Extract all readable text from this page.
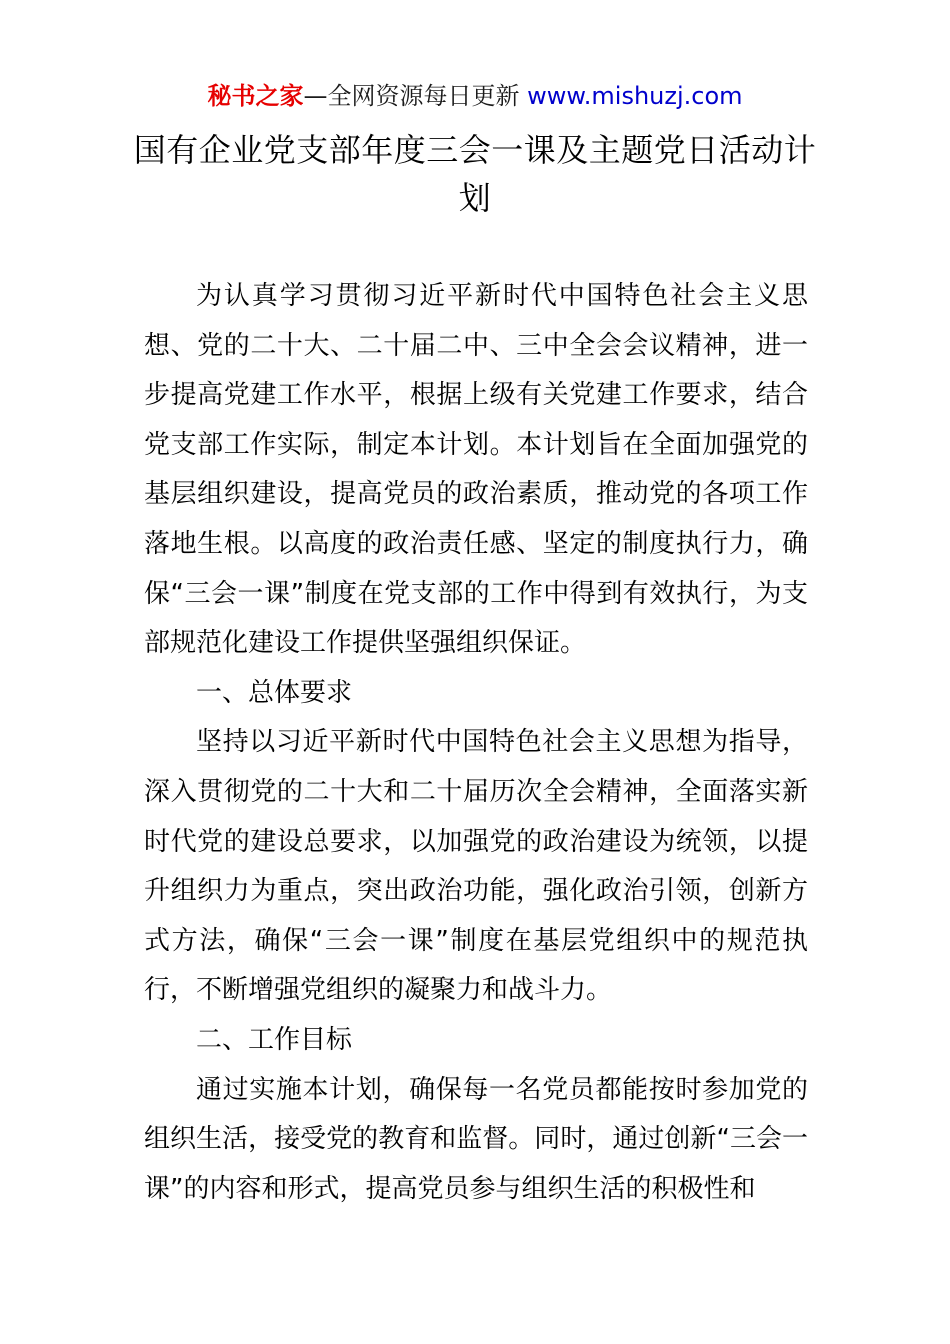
秘书之家—全网资源每日更新 www.mishuzj.com
国有企业党支部年度三会一课及主题党日活动计划

为认真学习贯彻习近平新时代中国特色社会主义思想、党的二十大、二十届二中、三中全会会议精神，进一步提高党建工作水平，根据上级有关党建工作要求，结合党支部工作实际，制定本计划。本计划旨在全面加强党的基层组织建设，提高党员的政治素质，推动党的各项工作落地生根。以高度的政治责任感、坚定的制度执行力，确保“三会一课”制度在党支部的工作中得到有效执行，为支部规范化建设工作提供坚强组织保证。

一、总体要求

坚持以习近平新时代中国特色社会主义思想为指导，深入贯彻党的二十大和二十届历次全会精神，全面落实新时代党的建设总要求，以加强党的政治建设为统领，以提升组织力为重点，突出政治功能，强化政治引领，创新方式方法，确保“三会一课”制度在基层党组织中的规范执行，不断增强党组织的凝聚力和战斗力。

二、工作目标

通过实施本计划，确保每一名党员都能按时参加党的组织生活，接受党的教育和监督。同时，通过创新“三会一课”的内容和形式，提高党员参与组织生活的积极性和
